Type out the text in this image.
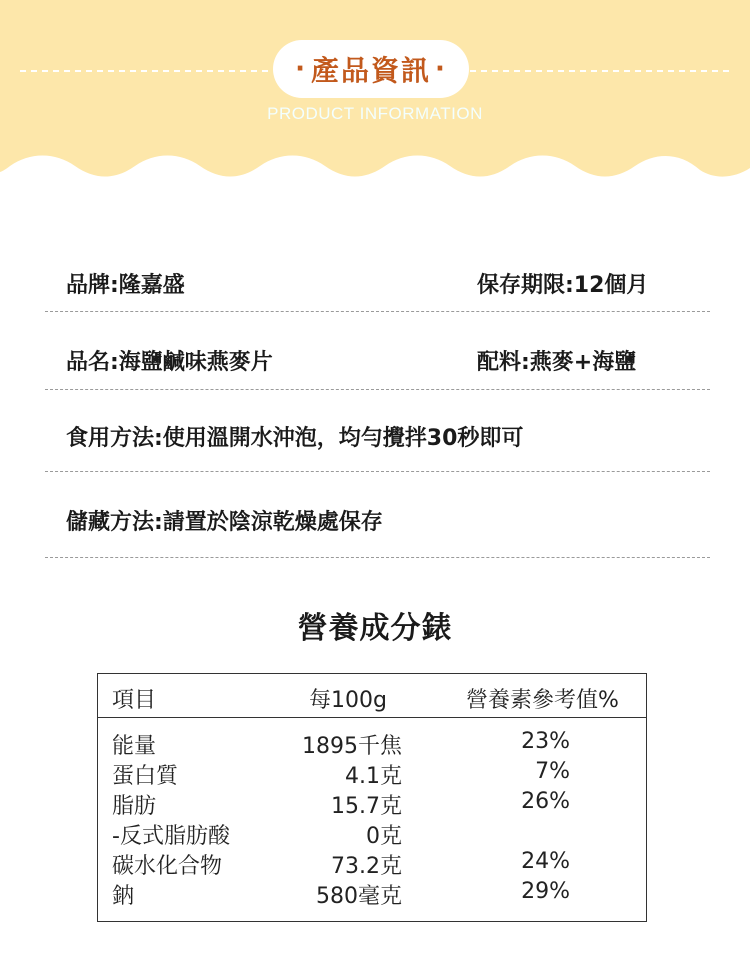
· 產品資訊 ·
PRODUCT INFORMATION
品牌:隆嘉盛	保存期限:12個月
品名:海鹽鹹味燕麥片	配料:燕麥+海鹽
食用方法:使用溫開水沖泡，均勻攪拌30秒即可
儲藏方法:請置於陰涼乾燥處保存
營養成分錶
項目	每100g	營養素參考值%
能量	1895千焦	23%
蛋白質	4.1克	7%
脂肪	15.7克	26%
-反式脂肪酸	0克
碳水化合物	73.2克	24%
鈉	580毫克	29%
